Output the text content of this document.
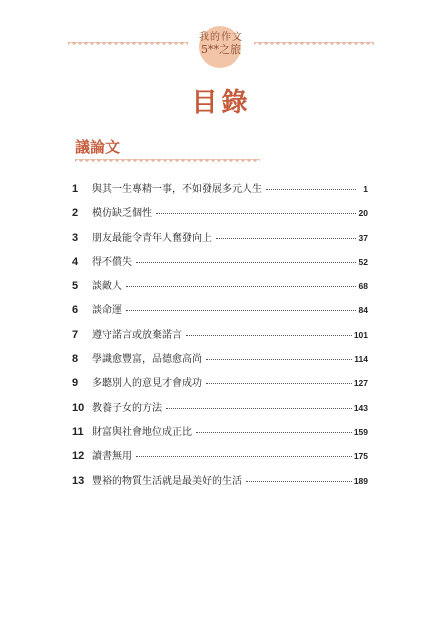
我的作文
5**之旅
目錄
議論文
1	與其一生專精一事，不如發展多元人生	1
2	模仿缺乏個性	20
3	朋友最能令青年人奮發向上	37
4	得不償失	52
5	談敵人	68
6	談命運	84
7	遵守諾言或放棄諾言	101
8	學識愈豐富，品德愈高尚	114
9	多聽別人的意見才會成功	127
10 教養子女的方法	143
11 財富與社會地位成正比	159
12 讀書無用	175
13 豐裕的物質生活就是最美好的生活	189
